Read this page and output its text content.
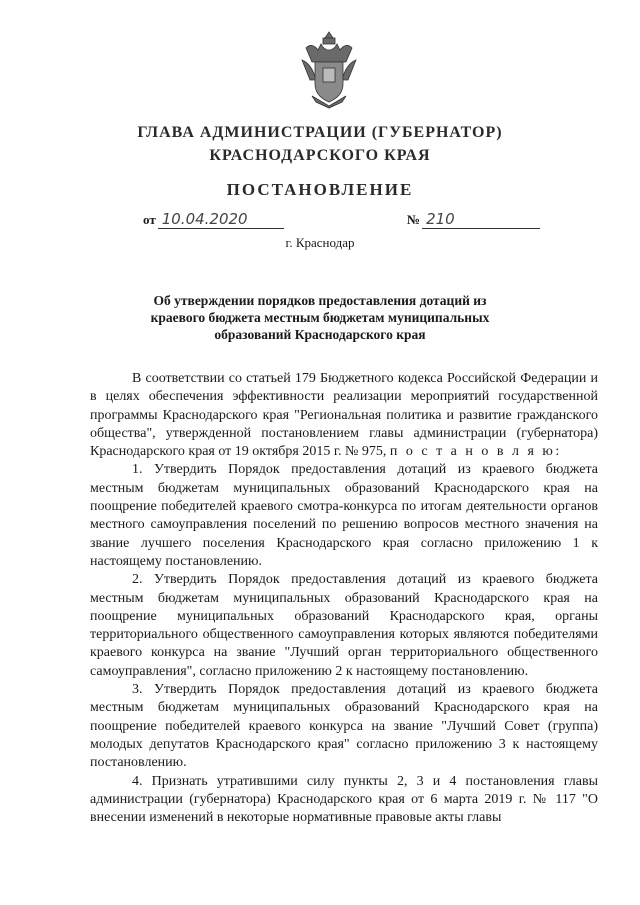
ГЛАВА АДМИНИСТРАЦИИ (ГУБЕРНАТОР)
КРАСНОДАРСКОГО КРАЯ
ПОСТАНОВЛЕНИЕ
от 10.04.2020	№ 210
г. Краснодар
Об утверждении порядков предоставления дотаций из краевого бюджета местным бюджетам муниципальных образований Краснодарского края

В соответствии со статьей 179 Бюджетного кодекса Российской Федерации и в целях обеспечения эффективности реализации мероприятий государственной программы Краснодарского края "Региональная политика и развитие гражданского общества", утвержденной постановлением главы администрации (губернатора) Краснодарского края от 19 октября 2015 г. № 975, п о с т а н о в л я ю:

1. Утвердить Порядок предоставления дотаций из краевого бюджета местным бюджетам муниципальных образований Краснодарского края на поощрение победителей краевого смотра-конкурса по итогам деятельности органов местного самоуправления поселений по решению вопросов местного значения на звание лучшего поселения Краснодарского края согласно приложению 1 к настоящему постановлению.

2. Утвердить Порядок предоставления дотаций из краевого бюджета местным бюджетам муниципальных образований Краснодарского края на поощрение муниципальных образований Краснодарского края, органы территориального общественного самоуправления которых являются победителями краевого конкурса на звание "Лучший орган территориального общественного самоуправления", согласно приложению 2 к настоящему постановлению.

3. Утвердить Порядок предоставления дотаций из краевого бюджета местным бюджетам муниципальных образований Краснодарского края на поощрение победителей краевого конкурса на звание "Лучший Совет (группа) молодых депутатов Краснодарского края" согласно приложению 3 к настоящему постановлению.

4. Признать утратившими силу пункты 2, 3 и 4 постановления главы администрации (губернатора) Краснодарского края от 6 марта 2019 г. № 117 "О внесении изменений в некоторые нормативные правовые акты главы
